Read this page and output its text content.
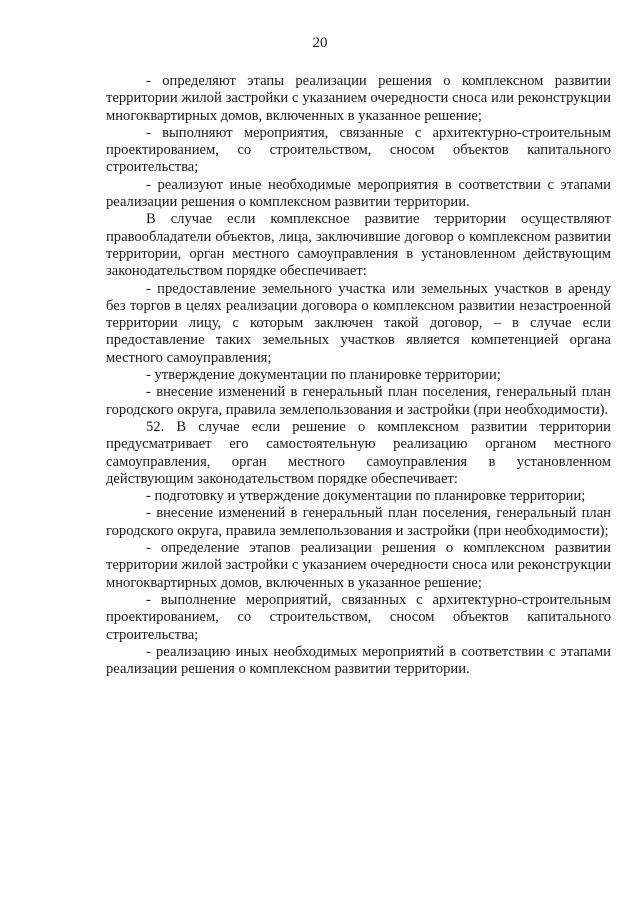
20

- определяют этапы реализации решения о комплексном развитии территории жилой застройки с указанием очередности сноса или реконструкции многоквартирных домов, включенных в указанное решение;

- выполняют мероприятия, связанные с архитектурно-строительным проектированием, со строительством, сносом объектов капитального строительства;

- реализуют иные необходимые мероприятия в соответствии с этапами реализации решения о комплексном развитии территории.

В случае если комплексное развитие территории осуществляют правообладатели объектов, лица, заключившие договор о комплексном развитии территории, орган местного самоуправления в установленном действующим законодательством порядке обеспечивает:

- предоставление земельного участка или земельных участков в аренду без торгов в целях реализации договора о комплексном развитии незастроенной территории лицу, с которым заключен такой договор, – в случае если предоставление таких земельных участков является компетенцией органа местного самоуправления;

- утверждение документации по планировке территории;

- внесение изменений в генеральный план поселения, генеральный план городского округа, правила землепользования и застройки (при необходимости).

52. В случае если решение о комплексном развитии территории предусматривает его самостоятельную реализацию органом местного самоуправления, орган местного самоуправления в установленном действующим законодательством порядке обеспечивает:

- подготовку и утверждение документации по планировке территории;

- внесение изменений в генеральный план поселения, генеральный план городского округа, правила землепользования и застройки (при необходимости);

- определение этапов реализации решения о комплексном развитии территории жилой застройки с указанием очередности сноса или реконструкции многоквартирных домов, включенных в указанное решение;

- выполнение мероприятий, связанных с архитектурно-строительным проектированием, со строительством, сносом объектов капитального строительства;

- реализацию иных необходимых мероприятий в соответствии с этапами реализации решения о комплексном развитии территории.
